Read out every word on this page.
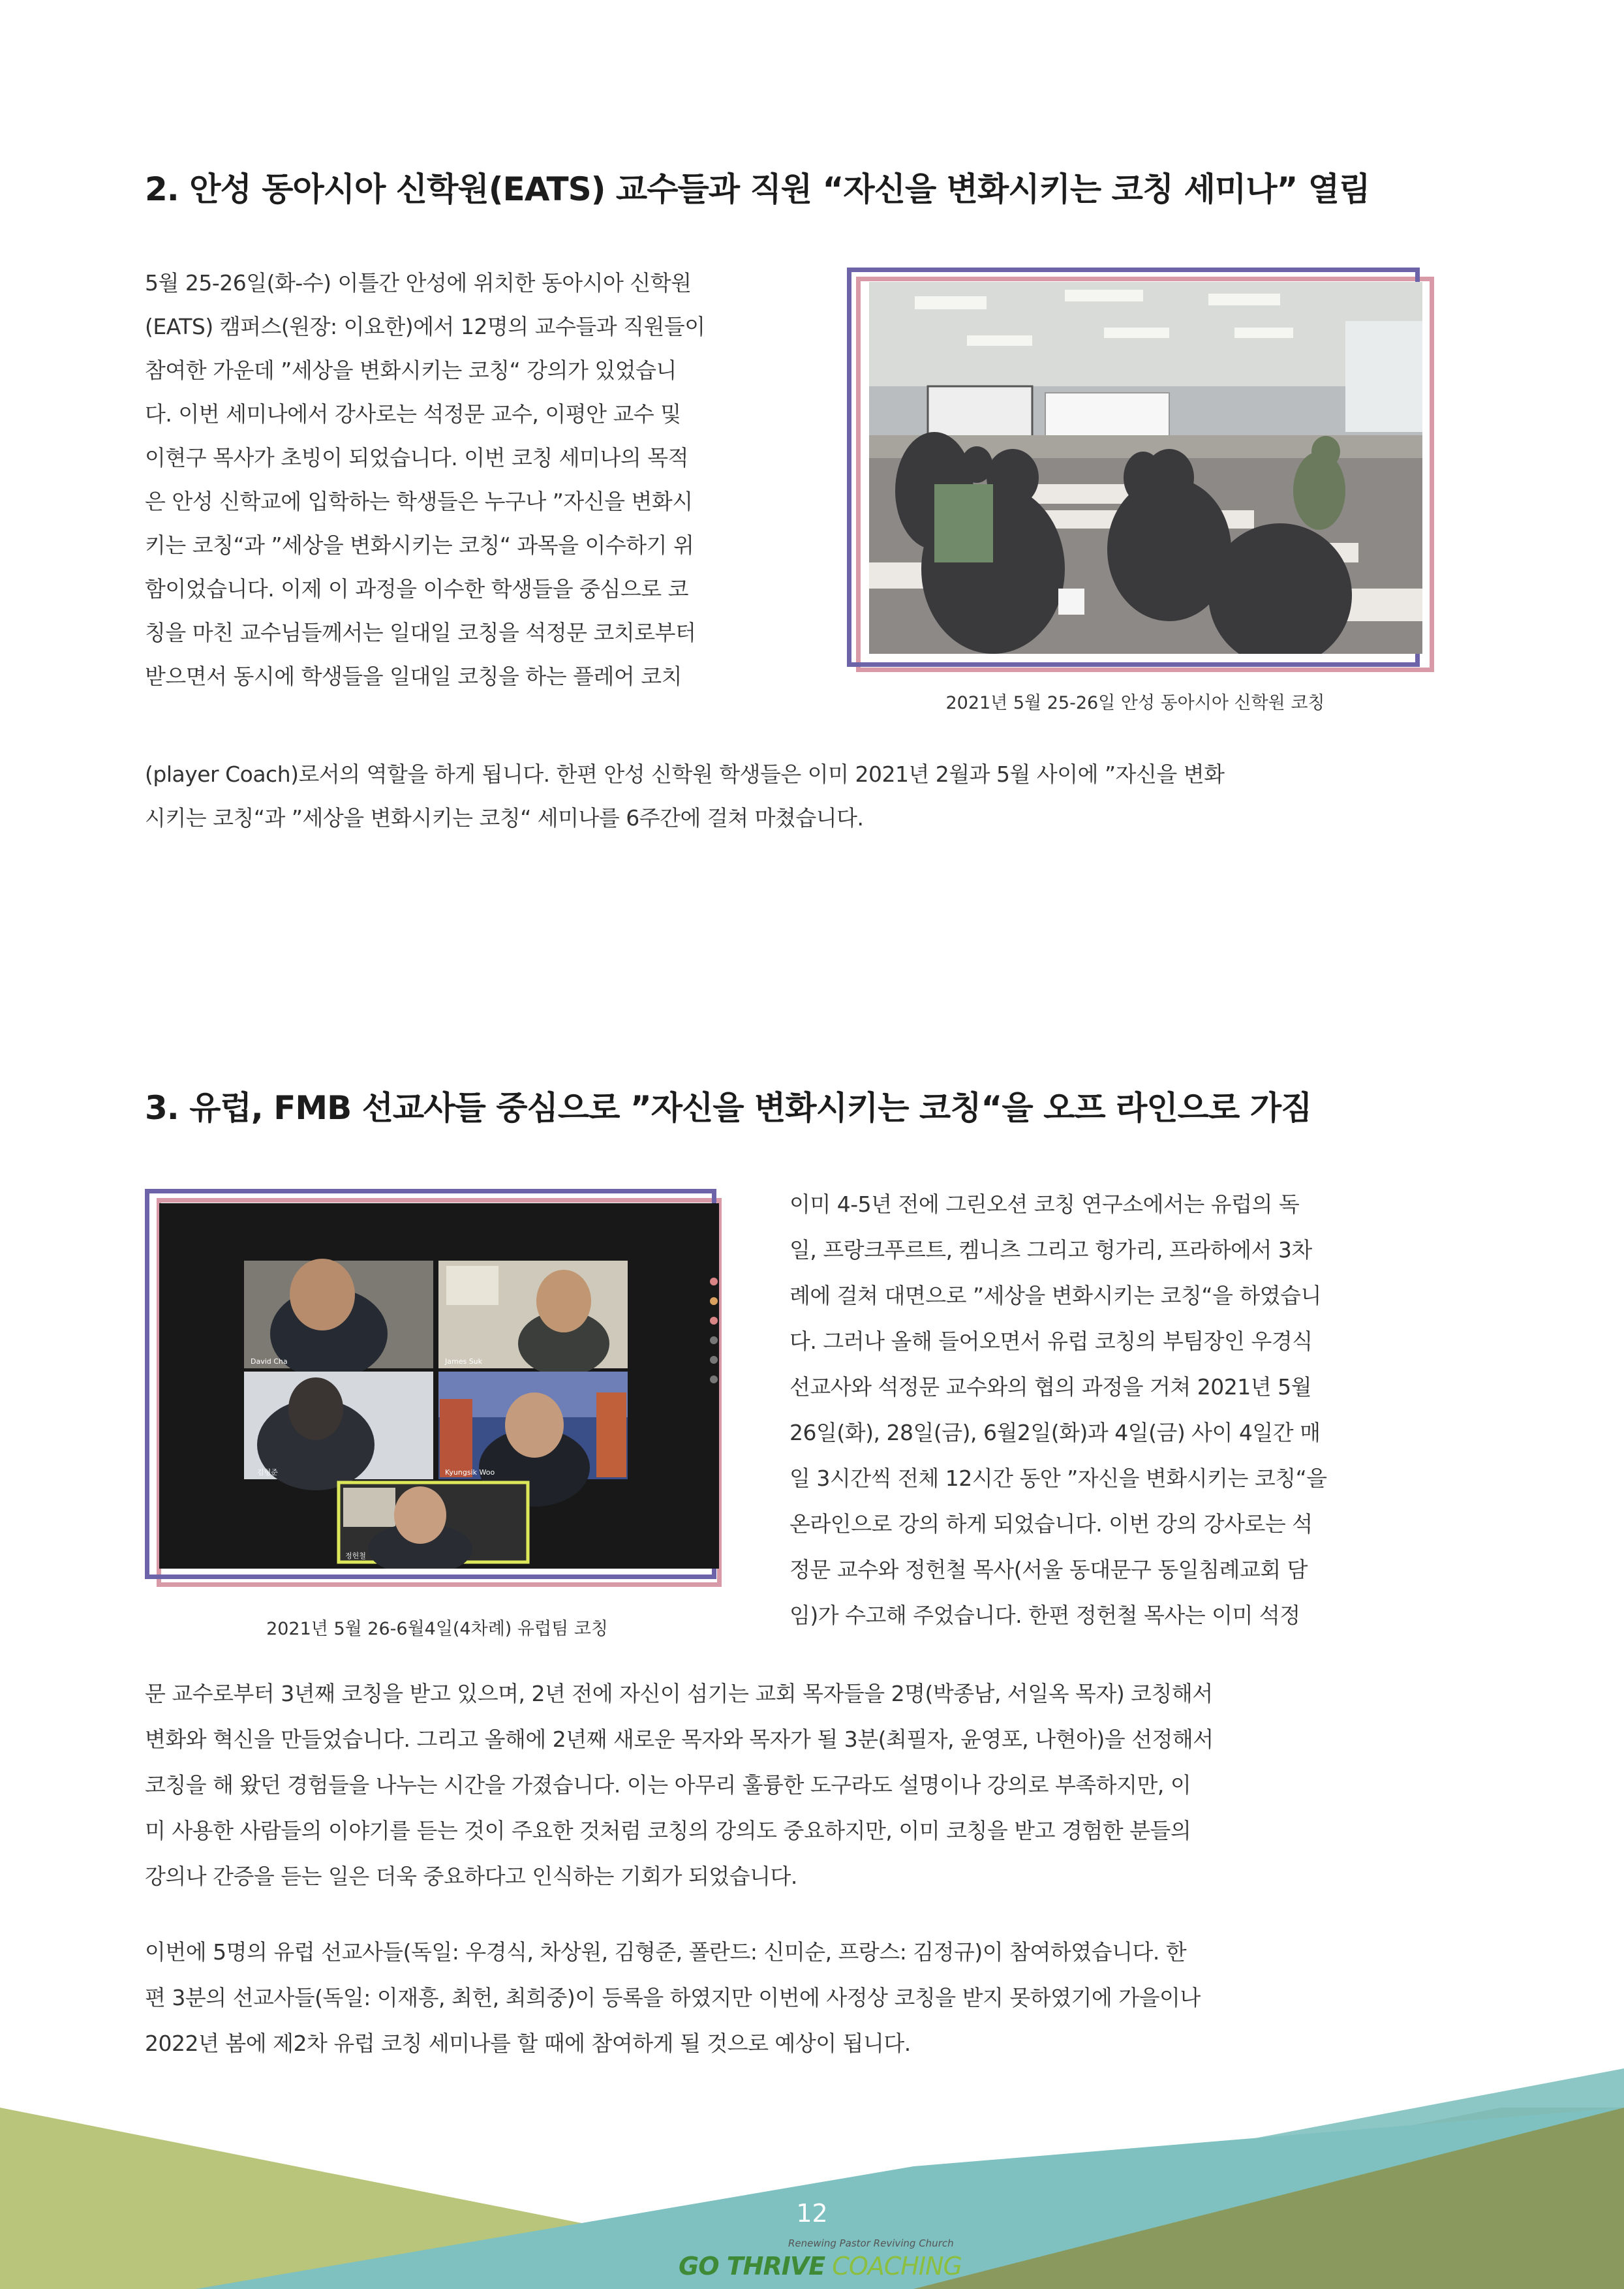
2. 안성 동아시아 신학원(EATS) 교수들과 직원 “자신을 변화시키는 코칭 세미나” 열림

5월 25-26일(화-수) 이틀간 안성에 위치한 동아시아 신학원

(EATS) 캠퍼스(원장: 이요한)에서 12명의 교수들과 직원들이

참여한 가운데 ”세상을 변화시키는 코칭“ 강의가 있었습니

다. 이번 세미나에서 강사로는 석정문 교수, 이평안 교수 및

이현구 목사가 초빙이 되었습니다. 이번 코칭 세미나의 목적

은 안성 신학교에 입학하는 학생들은 누구나 ”자신을 변화시

키는 코칭“과 ”세상을 변화시키는 코칭“ 과목을 이수하기 위

함이었습니다. 이제 이 과정을 이수한 학생들을 중심으로 코

칭을 마친 교수님들께서는 일대일 코칭을 석정문 코치로부터

받으면서 동시에 학생들을 일대일 코칭을 하는 플레어 코치

(player Coach)로서의 역할을 하게 됩니다. 한편 안성 신학원 학생들은 이미 2021년 2월과 5월 사이에 ”자신을 변화

시키는 코칭“과 ”세상을 변화시키는 코칭“ 세미나를 6주간에 걸쳐 마쳤습니다.

2021년 5월 25-26일 안성 동아시아 신학원 코칭

3. 유럽, FMB 선교사들 중심으로 ”자신을 변화시키는 코칭“을 오프 라인으로 가짐
David Cha	James Suk
김형준	Kyungsik Woo
정헌철

2021년 5월 26-6월4일(4차례) 유럽팀 코칭

이미 4-5년 전에 그린오션 코칭 연구소에서는 유럽의 독

일, 프랑크푸르트, 켐니츠 그리고 헝가리, 프라하에서 3차

례에 걸쳐 대면으로 ”세상을 변화시키는 코칭“을 하였습니

다. 그러나 올해 들어오면서 유럽 코칭의 부팀장인 우경식

선교사와 석정문 교수와의 협의 과정을 거쳐 2021년 5월

26일(화), 28일(금), 6월2일(화)과 4일(금) 사이 4일간 매

일 3시간씩 전체 12시간 동안 ”자신을 변화시키는 코칭“을

온라인으로 강의 하게 되었습니다. 이번 강의 강사로는 석

정문 교수와 정헌철 목사(서울 동대문구 동일침례교회 담

임)가 수고해 주었습니다. 한편 정헌철 목사는 이미 석정

문 교수로부터 3년째 코칭을 받고 있으며, 2년 전에 자신이 섬기는 교회 목자들을 2명(박종남, 서일옥 목자) 코칭해서

변화와 혁신을 만들었습니다. 그리고 올해에 2년째 새로운 목자와 목자가 될 3분(최필자, 윤영포, 나현아)을 선정해서

코칭을 해 왔던 경험들을 나누는 시간을 가졌습니다. 이는 아무리 훌륭한 도구라도 설명이나 강의로 부족하지만, 이

미 사용한 사람들의 이야기를 듣는 것이 주요한 것처럼 코칭의 강의도 중요하지만, 이미 코칭을 받고 경험한 분들의

강의나 간증을 듣는 일은 더욱 중요하다고 인식하는 기회가 되었습니다.

이번에 5명의 유럽 선교사들(독일: 우경식, 차상원, 김형준, 폴란드: 신미순, 프랑스: 김정규)이 참여하였습니다. 한

편 3분의 선교사들(독일: 이재흥, 최헌, 최희중)이 등록을 하였지만 이번에 사정상 코칭을 받지 못하였기에 가을이나

2022년 봄에 제2차 유럽 코칭 세미나를 할 때에 참여하게 될 것으로 예상이 됩니다.

12
Renewing Pastor Reviving Church
GO THRIVE COACHING
